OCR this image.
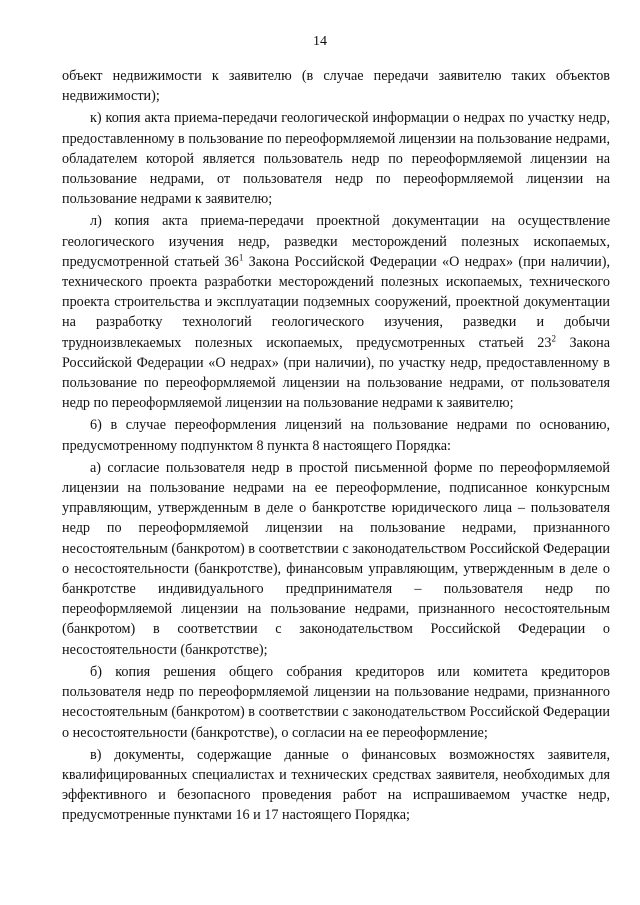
14

объект недвижимости к заявителю (в случае передачи заявителю таких объектов недвижимости);

к) копия акта приема-передачи геологической информации о недрах по участку недр, предоставленному в пользование по переоформляемой лицензии на пользование недрами, обладателем которой является пользователь недр по переоформляемой лицензии на пользование недрами, от пользователя недр по переоформляемой лицензии на пользование недрами к заявителю;

л) копия акта приема-передачи проектной документации на осуществление геологического изучения недр, разведки месторождений полезных ископаемых, предусмотренной статьей $36^1$ Закона Российской Федерации «О недрах» (при наличии), технического проекта разработки месторождений полезных ископаемых, технического проекта строительства и эксплуатации подземных сооружений, проектной документации на разработку технологий геологического изучения, разведки и добычи трудноизвлекаемых полезных ископаемых, предусмотренных статьей $23^2$ Закона Российской Федерации «О недрах» (при наличии), по участку недр, предоставленному в пользование по переоформляемой лицензии на пользование недрами, от пользователя недр по переоформляемой лицензии на пользование недрами к заявителю;

6) в случае переоформления лицензий на пользование недрами по основанию, предусмотренному подпунктом 8 пункта 8 настоящего Порядка:

а) согласие пользователя недр в простой письменной форме по переоформляемой лицензии на пользование недрами на ее переоформление, подписанное конкурсным управляющим, утвержденным в деле о банкротстве юридического лица – пользователя недр по переоформляемой лицензии на пользование недрами, признанного несостоятельным (банкротом) в соответствии с законодательством Российской Федерации о несостоятельности (банкротстве), финансовым управляющим, утвержденным в деле о банкротстве индивидуального предпринимателя – пользователя недр по переоформляемой лицензии на пользование недрами, признанного несостоятельным (банкротом) в соответствии с законодательством Российской Федерации о несостоятельности (банкротстве);

б) копия решения общего собрания кредиторов или комитета кредиторов пользователя недр по переоформляемой лицензии на пользование недрами, признанного несостоятельным (банкротом) в соответствии с законодательством Российской Федерации о несостоятельности (банкротстве), о согласии на ее переоформление;

в) документы, содержащие данные о финансовых возможностях заявителя, квалифицированных специалистах и технических средствах заявителя, необходимых для эффективного и безопасного проведения работ на испрашиваемом участке недр, предусмотренные пунктами 16 и 17 настоящего Порядка;
